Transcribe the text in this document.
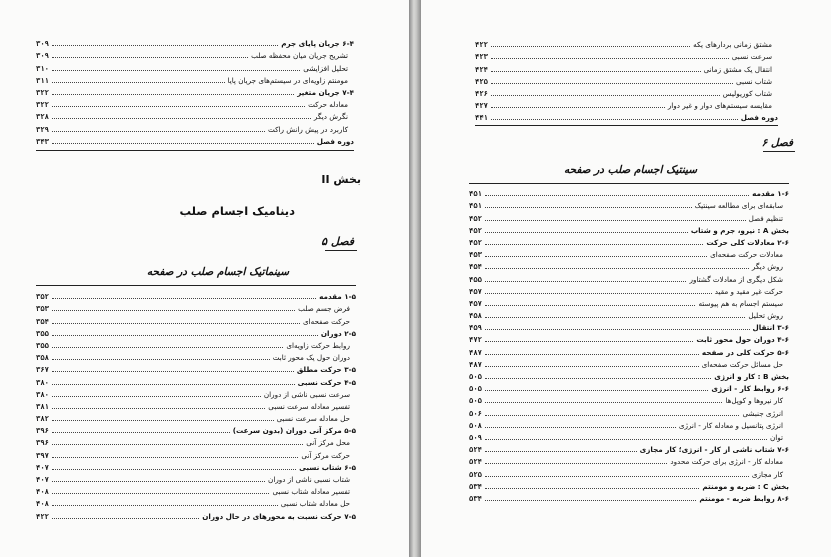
۶-۴ جریان پایای جرم
۳۰۹
تشریح جریان میان محفظه صلب
۳۰۹
تحلیل افزایشی
۳۱۰
مومنتم زاویه‌ای در سیستم‌های جریان پایا
۳۱۱
۷-۴ جریان متغیر
۳۲۲
معادله حرکت
۳۲۲
نگرش دیگر
۳۲۸
کاربرد در پیش رانش راکت
۳۲۹
دوره فصل
۳۴۳
بخش II
دینامیک اجسام صلب
فصل ۵
سینماتیک اجسام صلب در صفحه
۱-۵ مقدمه
۳۵۲
فرض جسم صلب
۳۵۳
حرکت صفحه‌ای
۳۵۴
۲-۵ دوران
۳۵۵
روابط حرکت زاویه‌ای
۳۵۵
دوران حول یک محور ثابت
۳۵۸
۳-۵ حرکت مطلق
۳۶۷
۴-۵ حرکت نسبی
۳۸۰
سرعت نسبی ناشی از دوران
۳۸۰
تفسیر معادله سرعت نسبی
۳۸۱
حل معادله سرعت نسبی
۳۸۲
۵-۵ مرکز آنی دوران (بدون سرعت)
۳۹۶
محل مرکز آنی
۳۹۶
حرکت مرکز آنی
۳۹۷
۶-۵ شتاب نسبی
۴۰۷
شتاب نسبی ناشی از دوران
۴۰۷
تفسیر معادله شتاب نسبی
۴۰۸
حل معادله شتاب نسبی
۴۰۸
۷-۵ حرکت نسبت به محورهای در حال دوران
۴۲۲
مشتق زمانی بردارهای یکه
۴۲۲
سرعت نسبی
۴۲۳
انتقال یک مشتق زمانی
۴۲۴
شتاب نسبی
۴۲۵
شتاب کوریولیس
۴۲۶
مقایسه سیستم‌های دوار و غیر دوار
۴۲۷
دوره فصل
۴۴۱
فصل ۶
سینتیک اجسام صلب در صفحه
۱-۶ مقدمه
۴۵۱
سابقه‌ای برای مطالعه سینتیک
۴۵۱
تنظیم فصل
۴۵۲
بخش A : نیرو، جرم و شتاب
۴۵۲
۲-۶ معادلات کلی حرکت
۴۵۲
معادلات حرکت صفحه‌ای
۴۵۳
روش دیگر
۴۵۴
شکل دیگری از معادلات گشتاور
۴۵۵
حرکت غیر مقید و مقید
۴۵۷
سیستم اجسام به هم پیوسته
۴۵۷
روش تحلیل
۴۵۸
۳-۶ انتقال
۴۵۹
۴-۶ دوران حول محور ثابت
۴۷۲
۵-۶ حرکت کلی در صفحه
۴۸۷
حل مسائل حرکت صفحه‌ای
۴۸۷
بخش B : کار و انرژی
۵۰۵
۶-۶ روابط کار - انرژی
۵۰۵
کار نیروها و کوپل‌ها
۵۰۵
انرژی جنبشی
۵۰۶
انرژی پتانسیل و معادله کار - انرژی
۵۰۸
توان
۵۰۹
۷-۶ شتاب ناشی از کار - انرژی؛ کار مجازی
۵۲۴
معادله کار - انرژی برای حرکت محدود
۵۲۴
کار مجازی
۵۲۵
بخش C : ضربه و مومنتم
۵۳۴
۸-۶ روابط ضربه - مومنتم
۵۳۴
